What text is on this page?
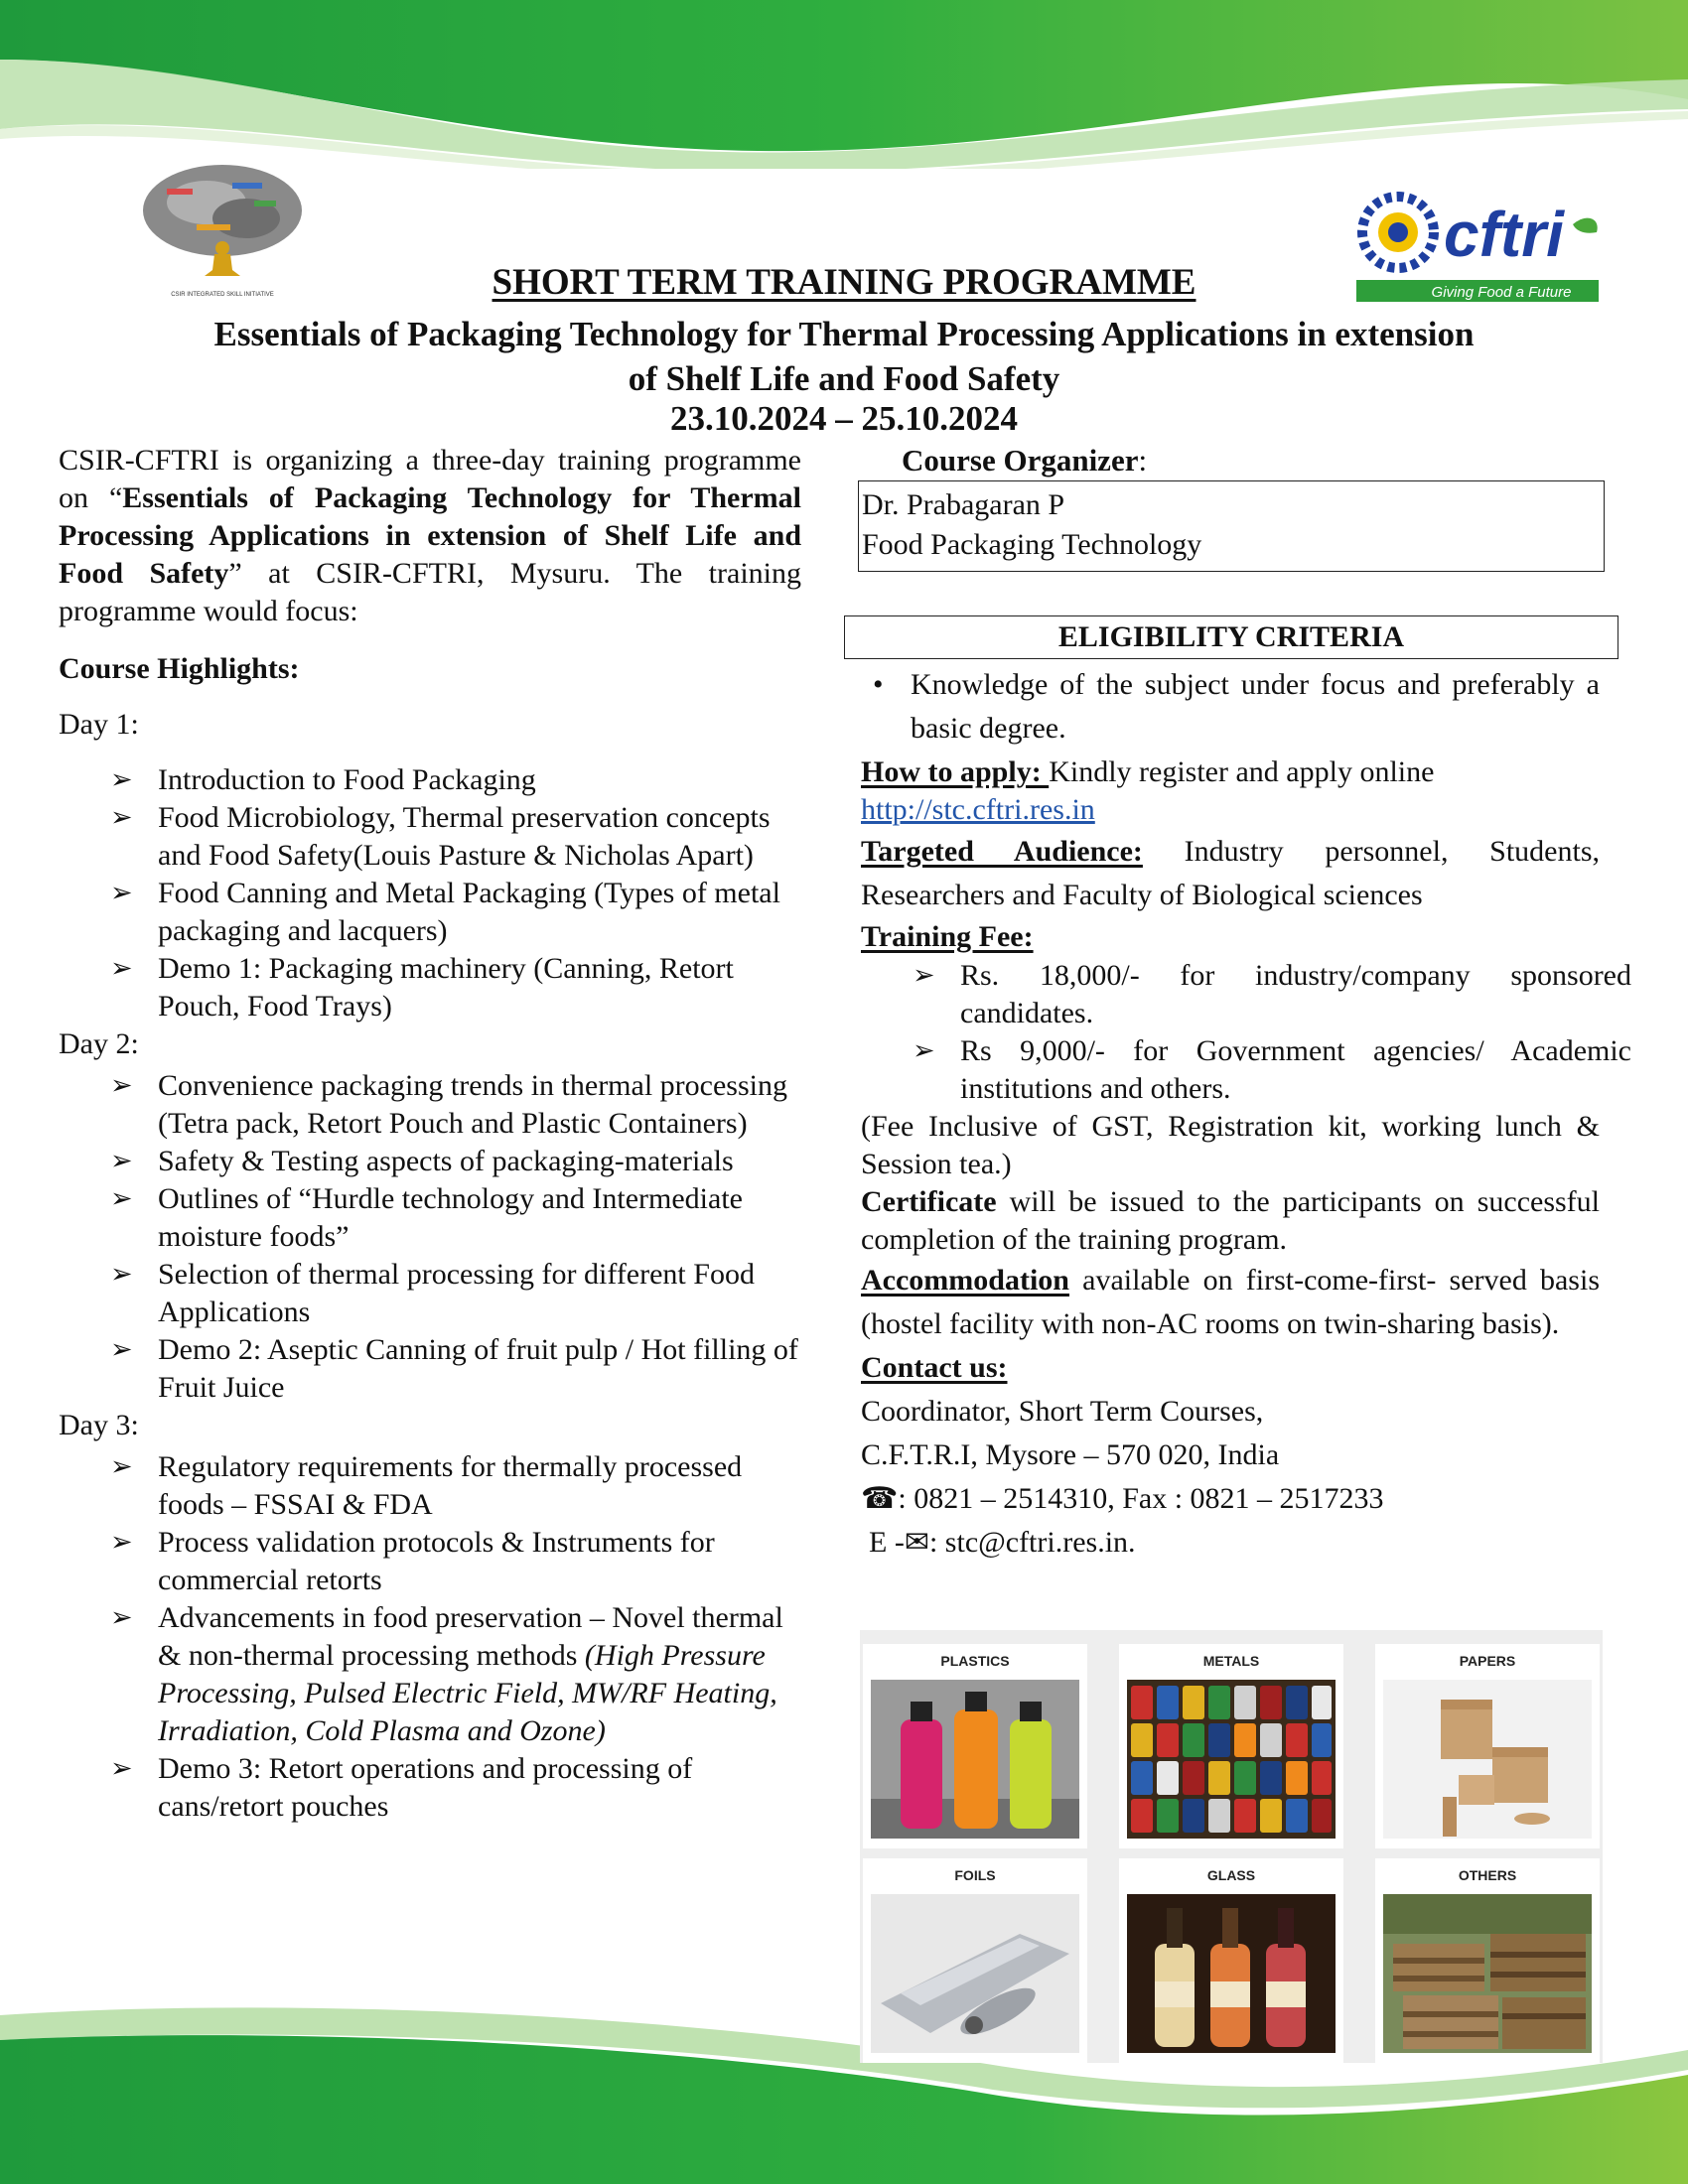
CSIR INTEGRATED SKILL INITIATIVE
cftri
Giving Food a Future
SHORT TERM TRAINING PROGRAMME
Essentials of Packaging Technology for Thermal Processing Applications in extension
of Shelf Life and Food Safety
23.10.2024 – 25.10.2024

CSIR-CFTRI is organizing a three-day training programme on “Essentials of Packaging Technology for Thermal Processing Applications in extension of Shelf Life and Food Safety” at CSIR-CFTRI, Mysuru. The training programme would focus:

Course Highlights:
Day 1:
➢ Introduction to Food Packaging
➢ Food Microbiology, Thermal preservation concepts and Food Safety(Louis Pasture & Nicholas Apart)
➢ Food Canning and Metal Packaging (Types of metal packaging and lacquers)
➢ Demo 1: Packaging machinery (Canning, Retort Pouch, Food Trays)
Day 2:
➢ Convenience packaging trends in thermal processing (Tetra pack, Retort Pouch and Plastic Containers)
➢ Safety & Testing aspects of packaging-materials
➢ Outlines of “Hurdle technology and Intermediate moisture foods”
➢ Selection of thermal processing for different Food Applications
➢ Demo 2: Aseptic Canning of fruit pulp / Hot filling of Fruit Juice
Day 3:
➢ Regulatory requirements for thermally processed foods – FSSAI & FDA
➢ Process validation protocols & Instruments for commercial retorts
➢ Advancements in food preservation – Novel thermal & non-thermal processing methods (High Pressure Processing, Pulsed Electric Field, MW/RF Heating, Irradiation, Cold Plasma and Ozone)
➢ Demo 3: Retort operations and processing of cans/retort pouches
Course Organizer:
Dr. Prabagaran P
Food Packaging Technology
ELIGIBILITY CRITERIA

• Knowledge of the subject under focus and preferably a basic degree.

How to apply: Kindly register and apply online

http://stc.cftri.res.in

Targeted Audience: Industry personnel, Students, Researchers and Faculty of Biological sciences

Training Fee:

➢ Rs. 18,000/- for industry/company sponsored candidates.
➢ Rs 9,000/- for Government agencies/ Academic institutions and others.

(Fee Inclusive of GST, Registration kit, working lunch & Session tea.)

Certificate will be issued to the participants on successful completion of the training program.

Accommodation available on first-come-first- served basis (hostel facility with non-AC rooms on twin-sharing basis).

Contact us:

Coordinator, Short Term Courses,

C.F.T.R.I, Mysore – 570 020, India

☎: 0821 – 2514310, Fax : 0821 – 2517233

E -✉: stc@cftri.res.in.

PLASTICS	METALS	PAPERS
FOILS	GLASS	OTHERS
